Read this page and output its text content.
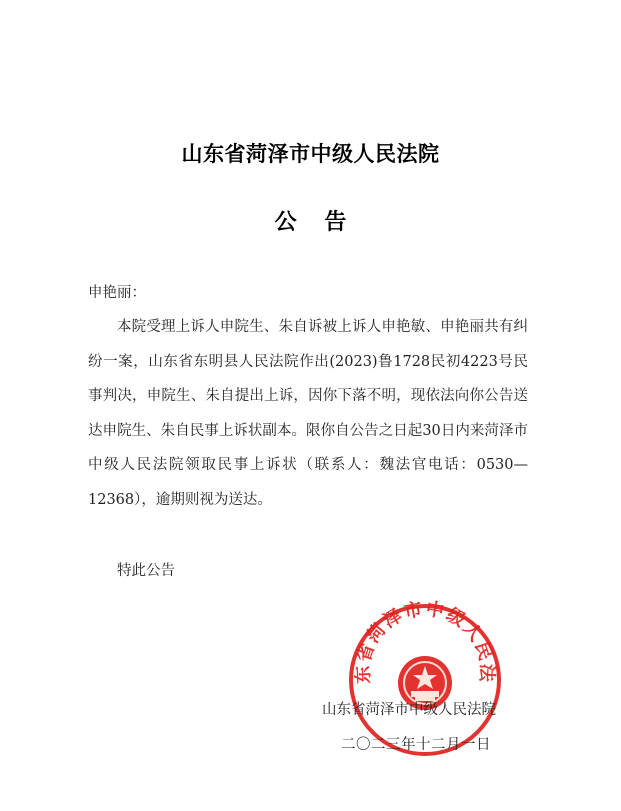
山东省菏泽市中级人民法院
公 告
申艳丽：

本院受理上诉人申院生、朱自诉被上诉人申艳敏、申艳丽共有纠纷一案，山东省东明县人民法院作出(2023)鲁1728民初4223号民事判决，申院生、朱自提出上诉，因你下落不明，现依法向你公告送达申院生、朱自民事上诉状副本。限你自公告之日起30日内来菏泽市中级人民法院领取民事上诉状（联系人：魏法官电话：0530—12368），逾期则视为送达。

特此公告
东省菏泽市中级人民法
山东省菏泽市中级人民法院
二〇二三年十二月一日
